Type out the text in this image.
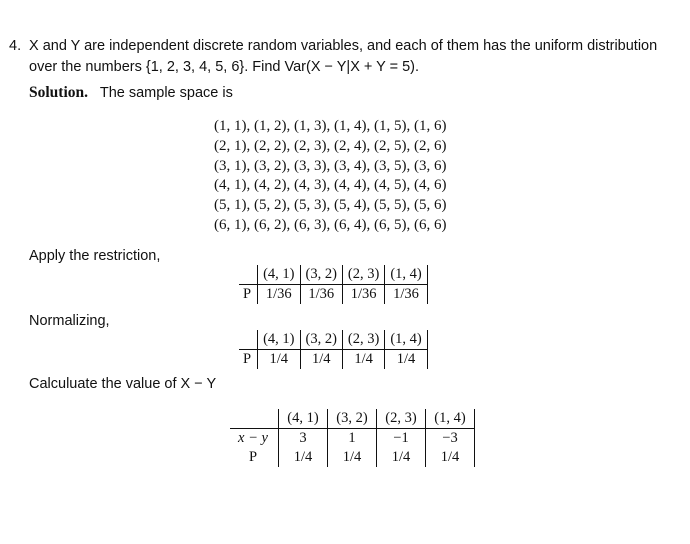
4. X and Y are independent discrete random variables, and each of them has the uniform distribution
over the numbers {1, 2, 3, 4, 5, 6}. Find Var(X − Y|X + Y = 5).
Solution. The sample space is
(1, 1), (1, 2), (1, 3), (1, 4), (1, 5), (1, 6)
(2, 1), (2, 2), (2, 3), (2, 4), (2, 5), (2, 6)
(3, 1), (3, 2), (3, 3), (3, 4), (3, 5), (3, 6)
(4, 1), (4, 2), (4, 3), (4, 4), (4, 5), (4, 6)
(5, 1), (5, 2), (5, 3), (5, 4), (5, 5), (5, 6)
(6, 1), (6, 2), (6, 3), (6, 4), (6, 5), (6, 6)
Apply the restriction,
	(4, 1)	(3, 2)	(2, 3)	(1, 4)
P	1/36	1/36	1/36	1/36
Normalizing,
	(4, 1)	(3, 2)	(2, 3)	(1, 4)
P	1/4	1/4	1/4	1/4
Calculuate the value of X − Y
	(4, 1)	(3, 2)	(2, 3)	(1, 4)
x − y	3	1	−1	−3
P	1/4	1/4	1/4	1/4
